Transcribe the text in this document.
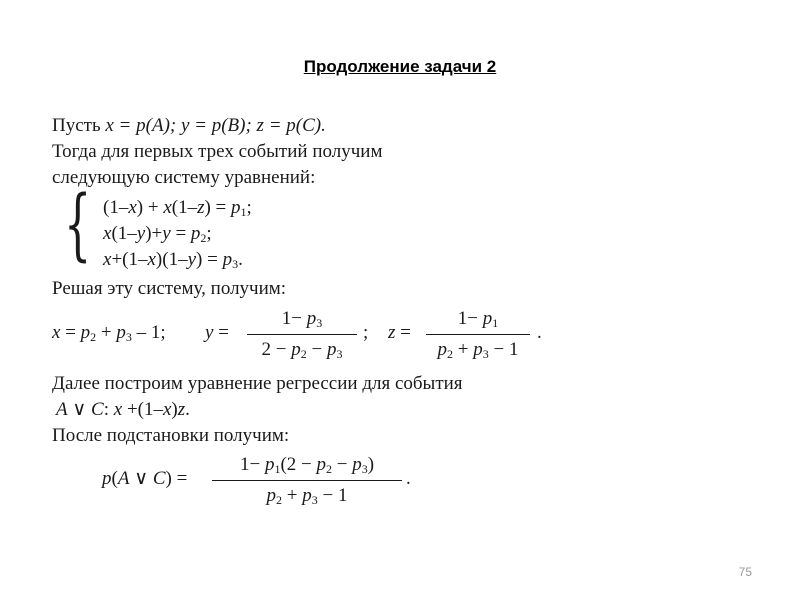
Продолжение задачи 2
Пусть x = p(A); y = p(B); z = p(C).
Тогда для первых трех событий получим
следующую систему уравнений:
{ $(1-x) + x(1-z) = p_1$;
$x(1-y)+y = p_2$;
$x+(1-x)(1-y) = p_3$.
Решая эту систему, получим:
$x = p_2 + p_3 - 1$; $y = \frac{1- p_3}{2 - p_2 - p_3}$ ; $z = \frac{1- p_1}{p_2 + p_3 - 1}$ .
Далее построим уравнение регрессии для события
A ∨ C: x +(1–x)z.
После подстановки получим:
p(A ∨ $C) = \frac{1- p_1(2 - p_2 - p_3)}{p_2 + p_3 - 1}$ .
75
